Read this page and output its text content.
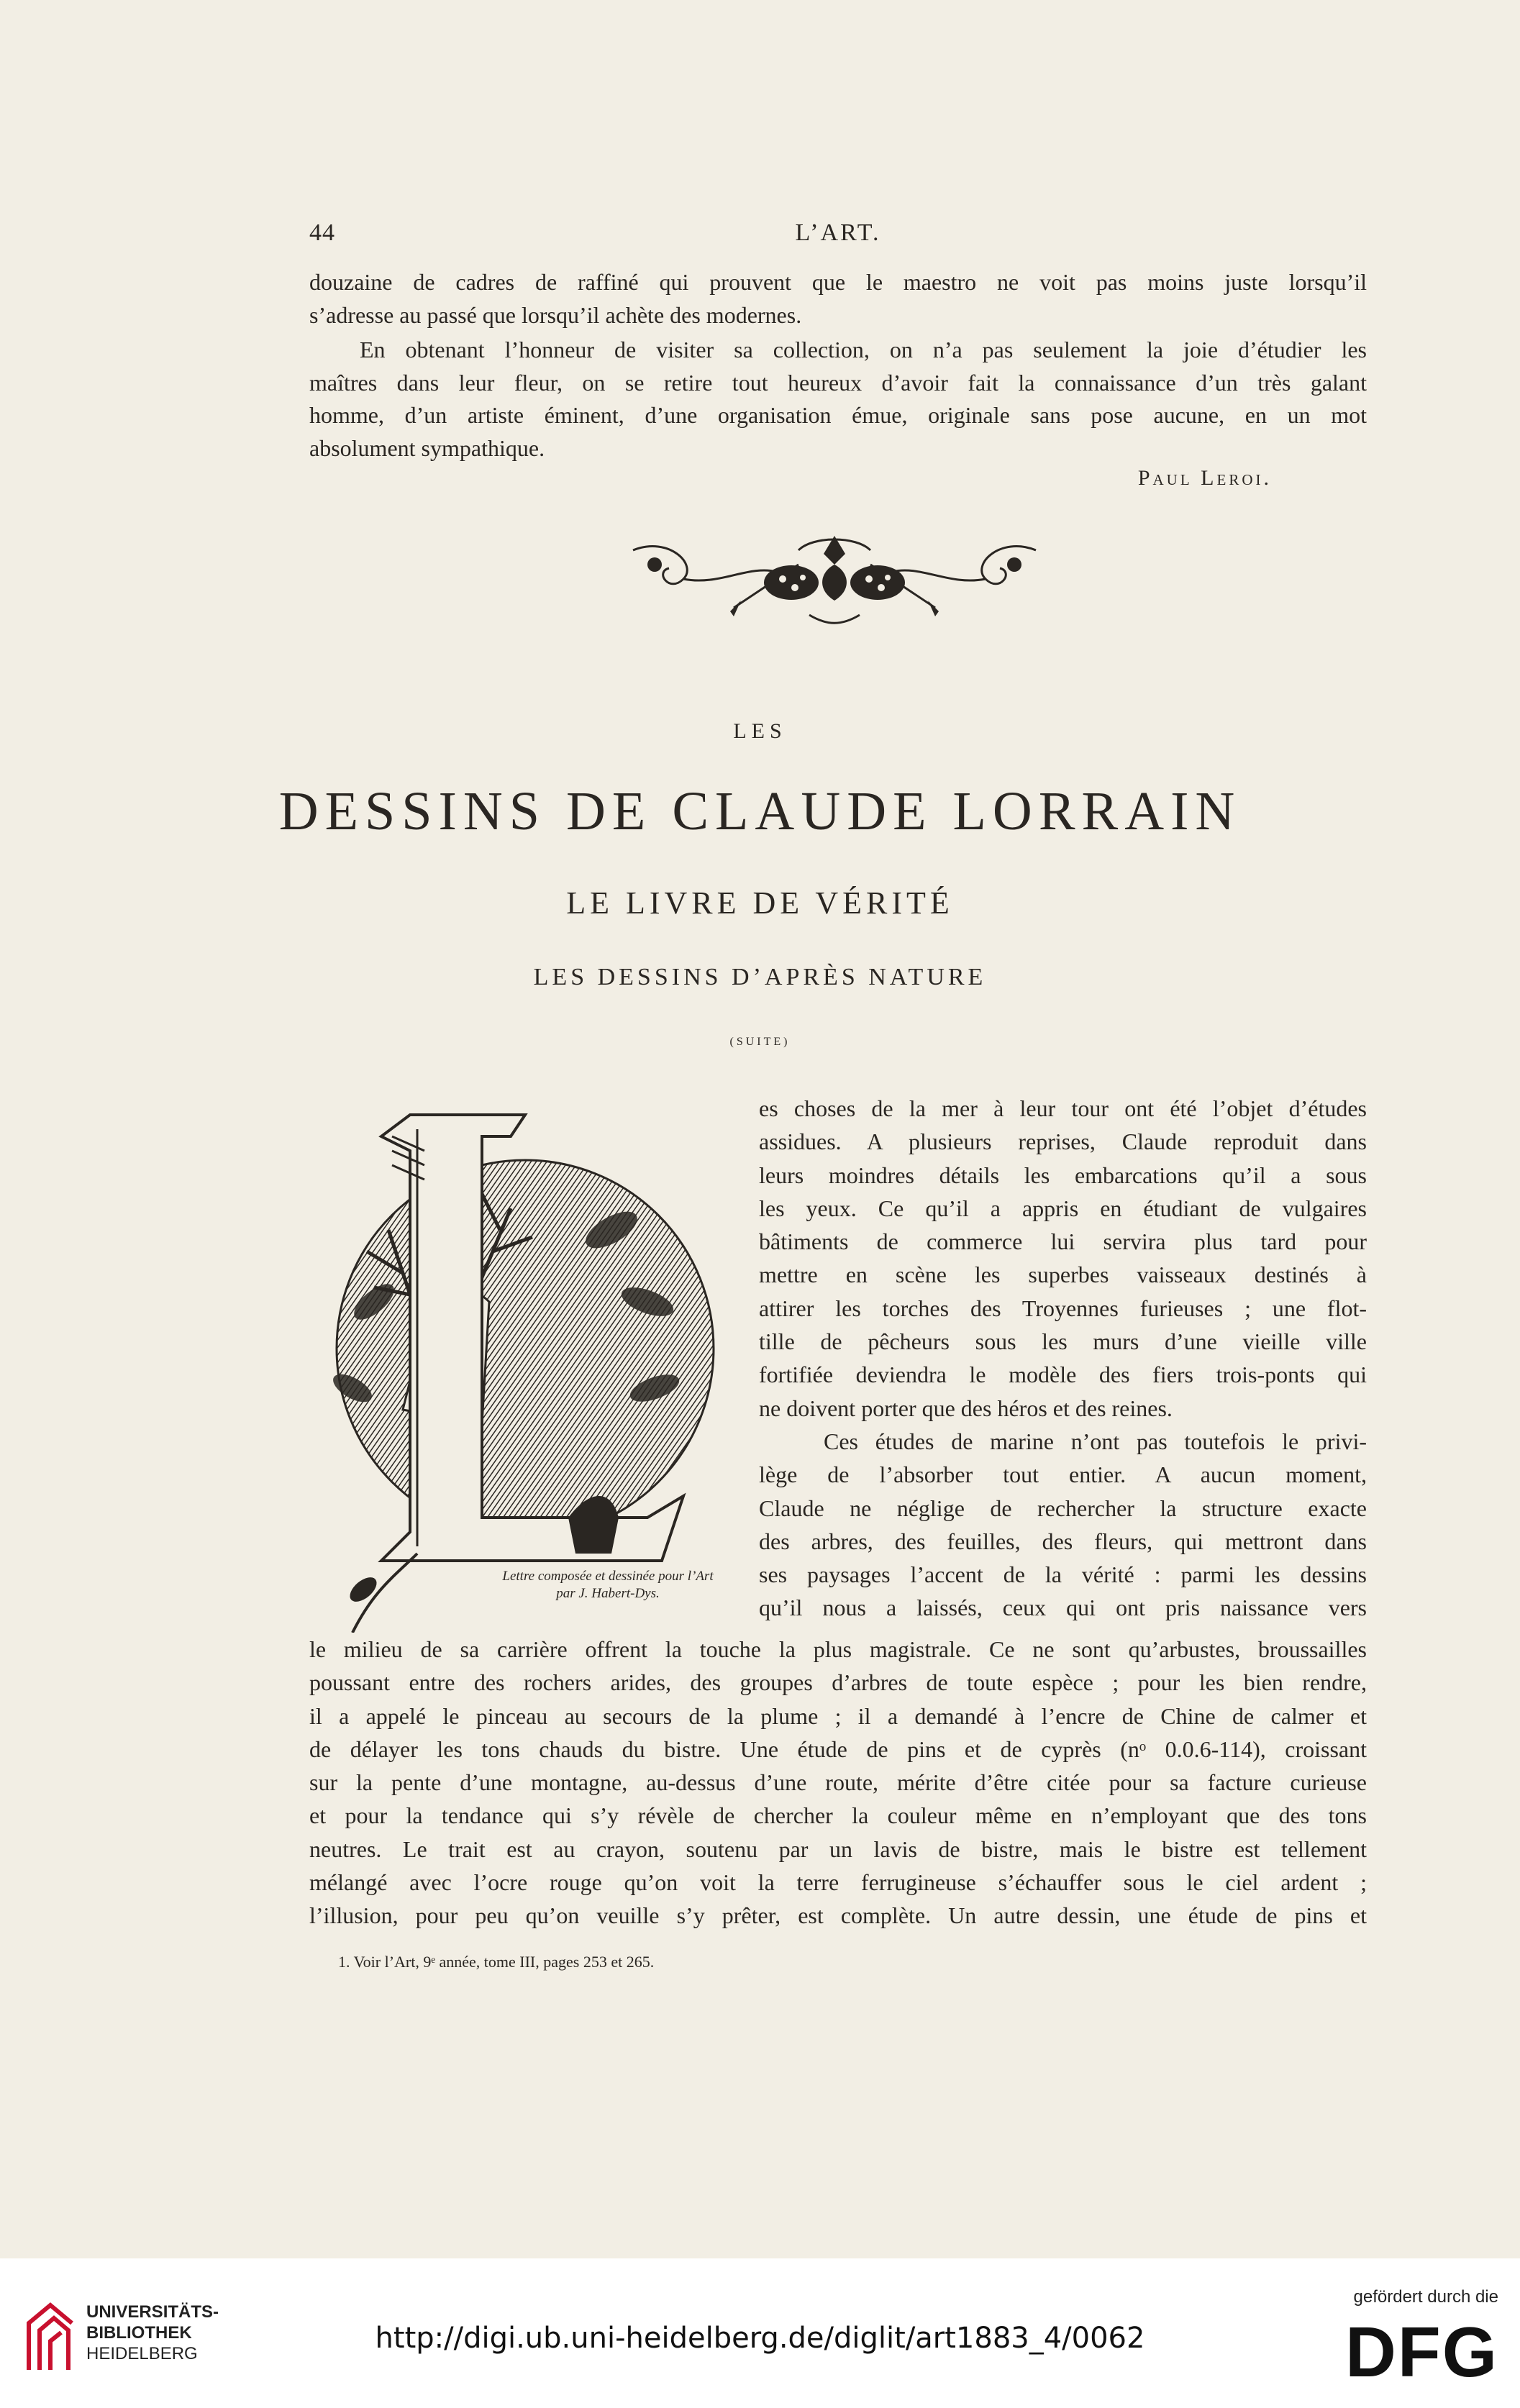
44	L’ART.
douzaine de cadres de raffiné qui prouvent que le maestro ne voit pas moins juste lorsqu’il
s’adresse au passé que lorsqu’il achète des modernes.
En obtenant l’honneur de visiter sa collection, on n’a pas seulement la joie d’étudier les
maîtres dans leur fleur, on se retire tout heureux d’avoir fait la connaissance d’un très galant
homme, d’un artiste éminent, d’une organisation émue, originale sans pose aucune, en un mot
absolument sympathique.
Paul Leroi.
LES
DESSINS DE CLAUDE LORRAIN
LE LIVRE DE VÉRITÉ
LES DESSINS D’APRÈS NATURE
(SUITE)
Lettre composée et dessinée pour l’Art
par J. Habert-Dys.
es choses de la mer à leur tour ont été l’objet d’études
assidues. A plusieurs reprises, Claude reproduit dans
leurs moindres détails les embarcations qu’il a sous
les yeux. Ce qu’il a appris en étudiant de vulgaires
bâtiments de commerce lui servira plus tard pour
mettre en scène les superbes vaisseaux destinés à
attirer les torches des Troyennes furieuses ; une flot-
tille de pêcheurs sous les murs d’une vieille ville
fortifiée deviendra le modèle des fiers trois-ponts qui
ne doivent porter que des héros et des reines.
Ces études de marine n’ont pas toutefois le privi-
lège de l’absorber tout entier. A aucun moment,
Claude ne néglige de rechercher la structure exacte
des arbres, des feuilles, des fleurs, qui mettront dans
ses paysages l’accent de la vérité : parmi les dessins
qu’il nous a laissés, ceux qui ont pris naissance vers
le milieu de sa carrière offrent la touche la plus magistrale. Ce ne sont qu’arbustes, broussailles
poussant entre des rochers arides, des groupes d’arbres de toute espèce ; pour les bien rendre,
il a appelé le pinceau au secours de la plume ; il a demandé à l’encre de Chine de calmer et
de délayer les tons chauds du bistre. Une étude de pins et de cyprès (nᵒ 0.0.6-114), croissant
sur la pente d’une montagne, au-dessus d’une route, mérite d’être citée pour sa facture curieuse
et pour la tendance qui s’y révèle de chercher la couleur même en n’employant que des tons
neutres. Le trait est au crayon, soutenu par un lavis de bistre, mais le bistre est tellement
mélangé avec l’ocre rouge qu’on voit la terre ferrugineuse s’échauffer sous le ciel ardent ;
l’illusion, pour peu qu’on veuille s’y prêter, est complète. Un autre dessin, une étude de pins et
1. Voir l’Art, 9ᵉ année, tome III, pages 253 et 265.
UNIVERSITÄTS-
BIBLIOTHEK
HEIDELBERG	http://digi.ub.uni-heidelberg.de/diglit/art1883_4/0062
gefördert durch die
DFG
